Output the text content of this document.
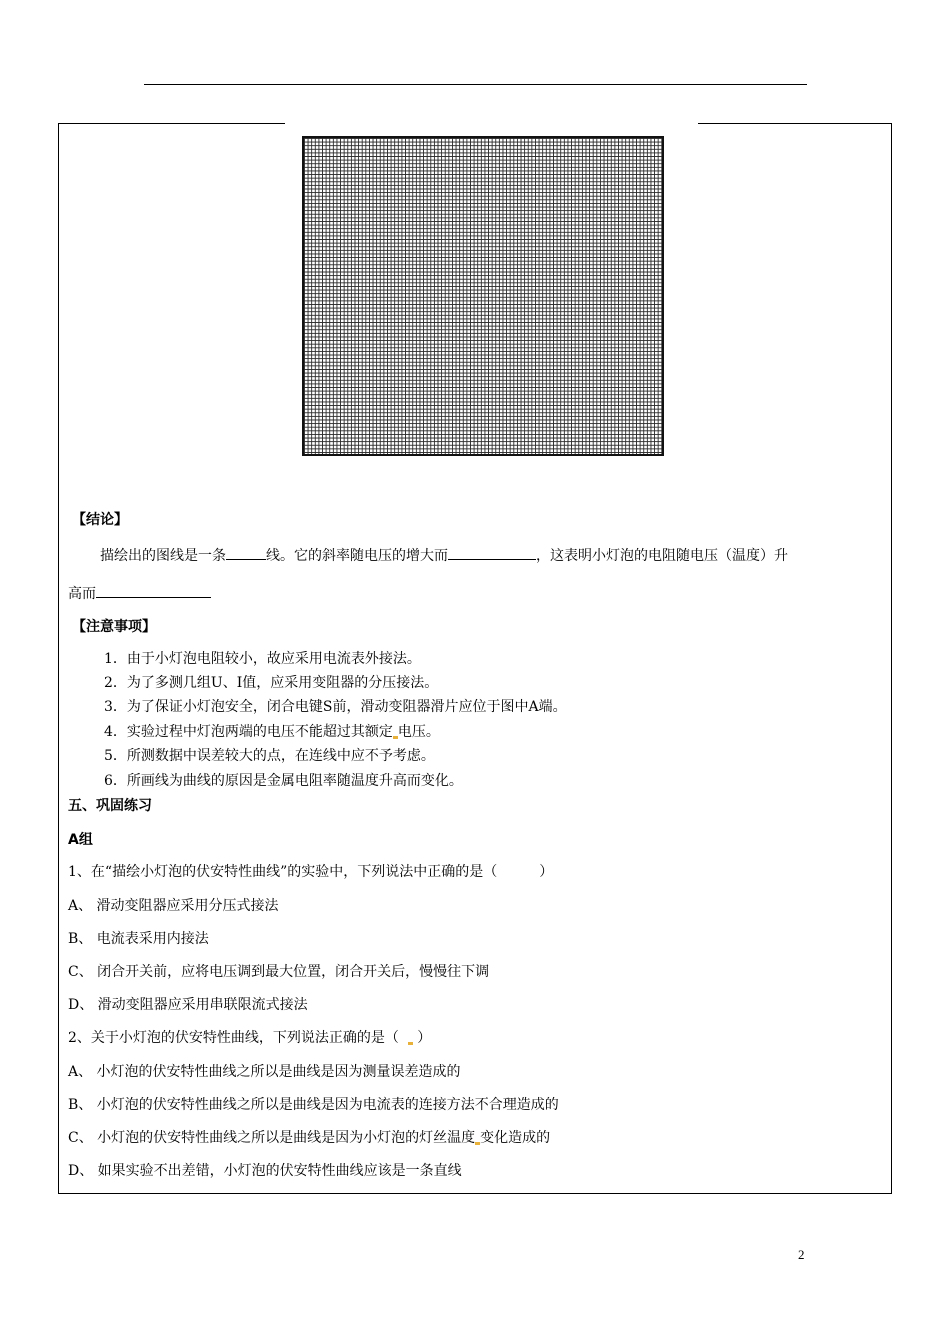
【结论】
描绘出的图线是一条	线。它的斜率随电压的增大而	，这表明小灯泡的电阻随电压（温度）升
高而
【注意事项】
1．由于小灯泡电阻较小，故应采用电流表外接法。
2．为了多测几组U、I值，应采用变阻器的分压接法。
3．为了保证小灯泡安全，闭合电键S前，滑动变阻器滑片应位于图中A端。
4．实验过程中灯泡两端的电压不能超过其额定 电压。
5．所测数据中误差较大的点，在连线中应不予考虑。
6．所画线为曲线的原因是金属电阻率随温度升高而变化。
五、巩固练习
A组
1、在“描绘小灯泡的伏安特性曲线”的实验中，下列说法中正确的是（　　　）
A、 滑动变阻器应采用分压式接法
B、 电流表采用内接法
C、 闭合开关前，应将电压调到最大位置，闭合开关后，慢慢往下调
D、 滑动变阻器应采用串联限流式接法
2、关于小灯泡的伏安特性曲线，下列说法正确的是（ ）
A、 小灯泡的伏安特性曲线之所以是曲线是因为测量误差造成的
B、 小灯泡的伏安特性曲线之所以是曲线是因为电流表的连接方法不合理造成的
C、 小灯泡的伏安特性曲线之所以是曲线是因为小灯泡的灯丝温度 变化造成的
D、 如果实验不出差错，小灯泡的伏安特性曲线应该是一条直线
2
